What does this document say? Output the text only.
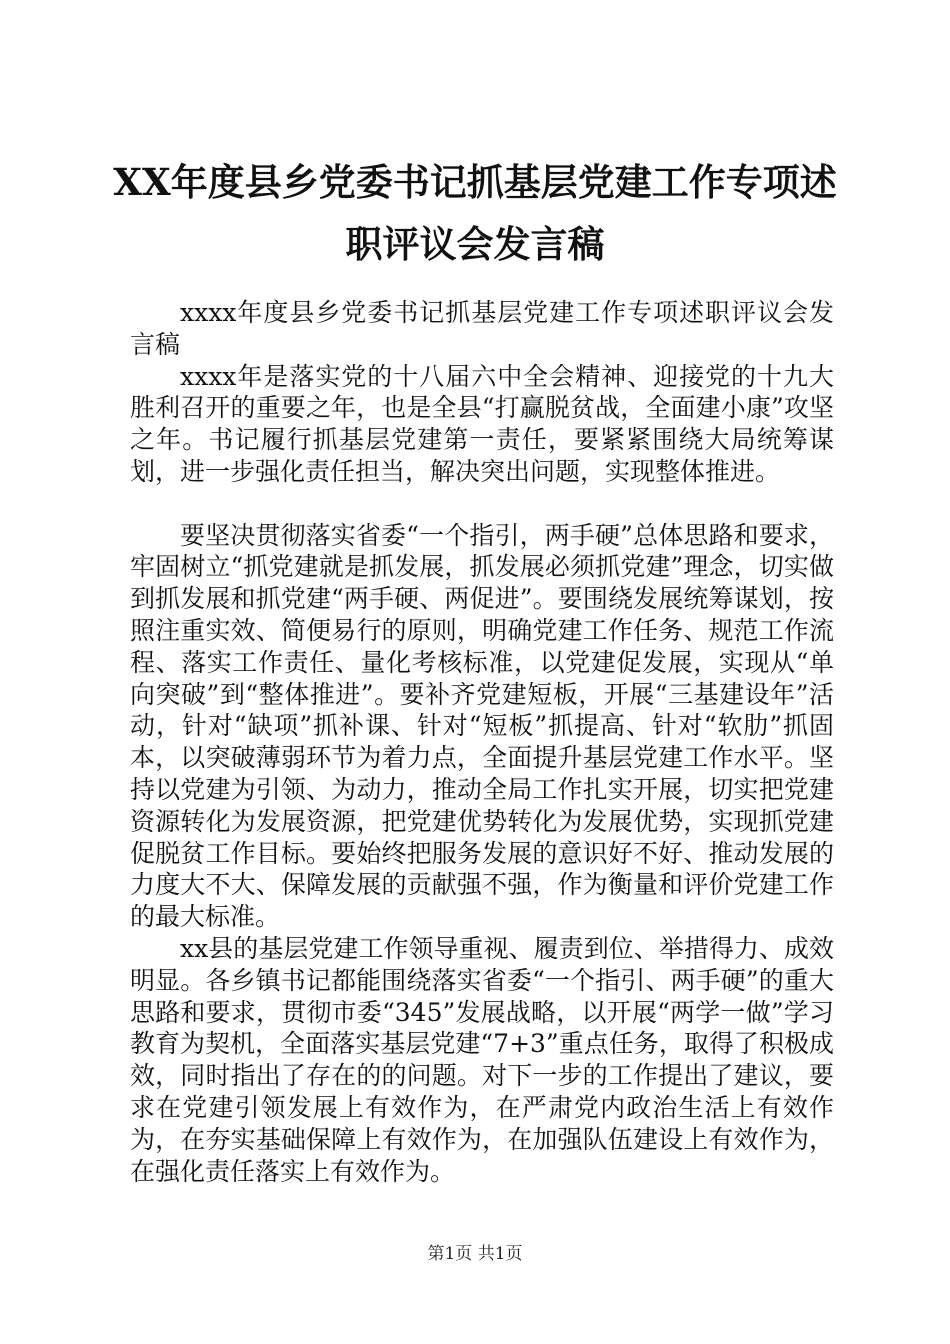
XX年度县乡党委书记抓基层党建工作专项述
职评议会发言稿

xxxx年度县乡党委书记抓基层党建工作专项述职评议会发言稿

xxxx年是落实党的十八届六中全会精神、迎接党的十九大胜利召开的重要之年，也是全县“打赢脱贫战，全面建小康”攻坚之年。书记履行抓基层党建第一责任，要紧紧围绕大局统筹谋划，进一步强化责任担当，解决突出问题，实现整体推进。

要坚决贯彻落实省委“一个指引，两手硬”总体思路和要求，牢固树立“抓党建就是抓发展，抓发展必须抓党建”理念，切实做到抓发展和抓党建“两手硬、两促进”。要围绕发展统筹谋划，按照注重实效、简便易行的原则，明确党建工作任务、规范工作流程、落实工作责任、量化考核标准，以党建促发展，实现从“单向突破”到“整体推进”。要补齐党建短板，开展“三基建设年”活动，针对“缺项”抓补课、针对“短板”抓提高、针对“软肋”抓固本，以突破薄弱环节为着力点，全面提升基层党建工作水平。坚持以党建为引领、为动力，推动全局工作扎实开展，切实把党建资源转化为发展资源，把党建优势转化为发展优势，实现抓党建促脱贫工作目标。要始终把服务发展的意识好不好、推动发展的力度大不大、保障发展的贡献强不强，作为衡量和评价党建工作的最大标准。

xx县的基层党建工作领导重视、履责到位、举措得力、成效明显。各乡镇书记都能围绕落实省委“一个指引、两手硬”的重大思路和要求，贯彻市委“345”发展战略，以开展“两学一做”学习教育为契机，全面落实基层党建“7+3”重点任务，取得了积极成效，同时指出了存在的的问题。对下一步的工作提出了建议，要求在党建引领发展上有效作为，在严肃党内政治生活上有效作为，在夯实基础保障上有效作为，在加强队伍建设上有效作为，在强化责任落实上有效作为。

第1页 共1页
